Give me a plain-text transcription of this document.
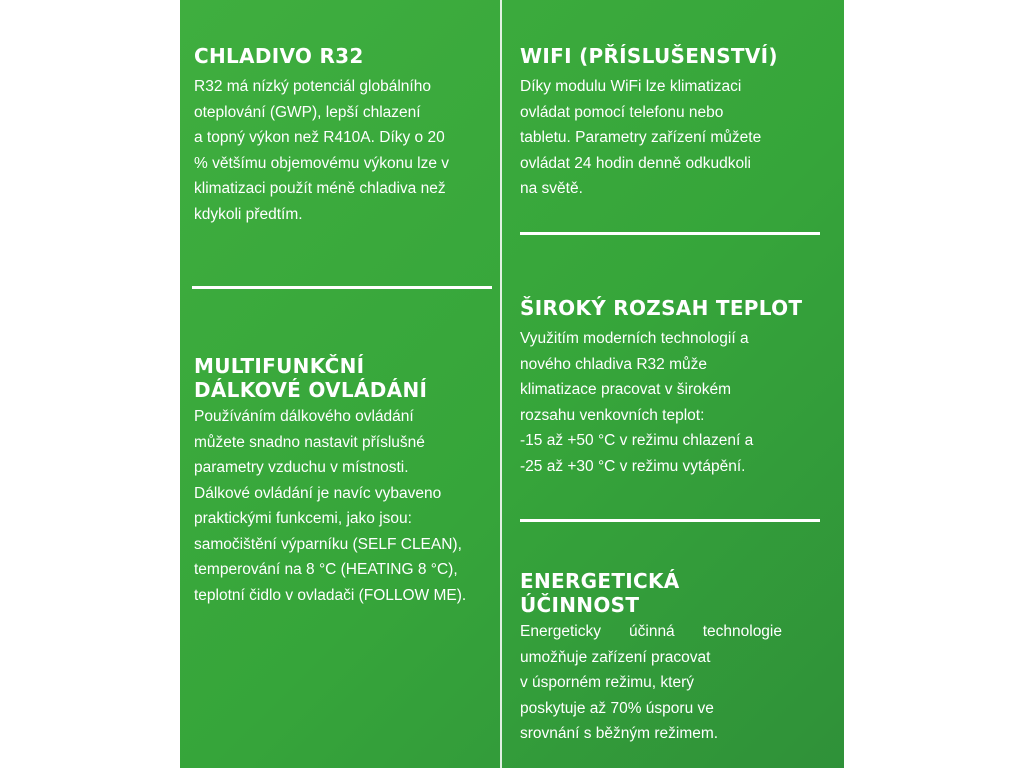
CHLADIVO R32
R32 má nízký potenciál globálního
oteplování (GWP), lepší chlazení
a topný výkon než R410A. Díky o 20
% většímu objemovému výkonu lze v
klimatizaci použít méně chladiva než
kdykoli předtím.
MULTIFUNKČNÍ
DÁLKOVÉ OVLÁDÁNÍ
Používáním dálkového ovládání
můžete snadno nastavit příslušné
parametry vzduchu v místnosti.
Dálkové ovládání je navíc vybaveno
praktickými funkcemi, jako jsou:
samočištění výparníku (SELF CLEAN),
temperování na 8 °C (HEATING 8 °C),
teplotní čidlo v ovladači (FOLLOW ME).
WIFI (PŘÍSLUŠENSTVÍ)
Díky modulu WiFi lze klimatizaci
ovládat pomocí telefonu nebo
tabletu. Parametry zařízení můžete
ovládat 24 hodin denně odkudkoli
na světě.
ŠIROKÝ ROZSAH TEPLOT
Využitím moderních technologií a
nového chladiva R32 může
klimatizace pracovat v širokém
rozsahu venkovních teplot:
-15 až +50 °C v režimu chlazení a
-25 až +30 °C v režimu vytápění.
ENERGETICKÁ
ÚČINNOST
Energeticky účinná technologie
umožňuje zařízení pracovat
v úsporném režimu, který
poskytuje až 70% úsporu ve
srovnání s běžným režimem.
